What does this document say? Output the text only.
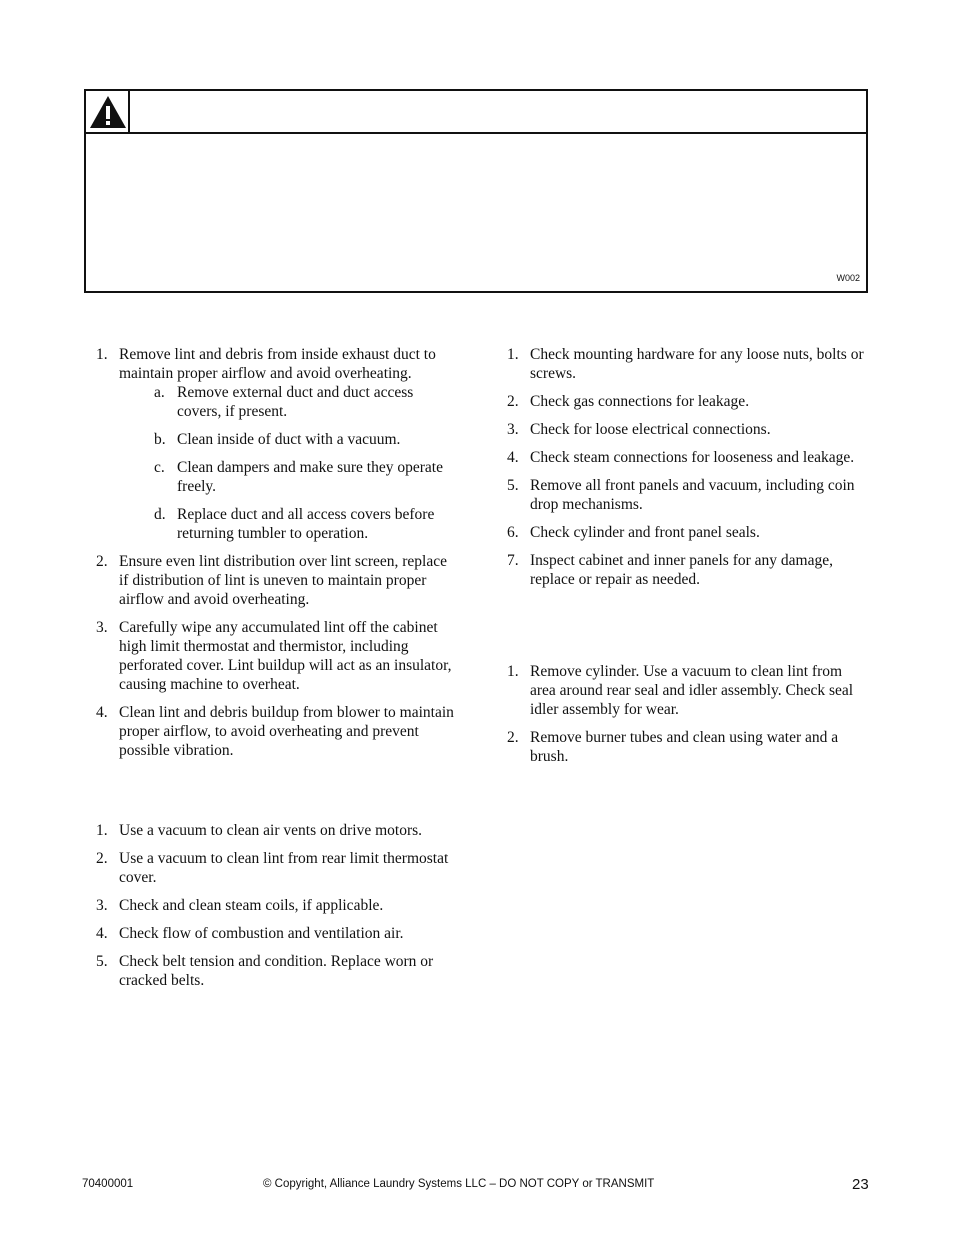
W002
1. Remove lint and debris from inside exhaust duct to maintain proper airflow and avoid overheating.
a. Remove external duct and duct access covers, if present.
b. Clean inside of duct with a vacuum.
c. Clean dampers and make sure they operate freely.
d. Replace duct and all access covers before returning tumbler to operation.
2. Ensure even lint distribution over lint screen, replace if distribution of lint is uneven to maintain proper airflow and avoid overheating.
3. Carefully wipe any accumulated lint off the cabinet high limit thermostat and thermistor, including perforated cover. Lint buildup will act as an insulator, causing machine to overheat.
4. Clean lint and debris buildup from blower to maintain proper airflow, to avoid overheating and prevent possible vibration.
1. Use a vacuum to clean air vents on drive motors.
2. Use a vacuum to clean lint from rear limit thermostat cover.
3. Check and clean steam coils, if applicable.
4. Check flow of combustion and ventilation air.
5. Check belt tension and condition. Replace worn or cracked belts.
1. Check mounting hardware for any loose nuts, bolts or screws.
2. Check gas connections for leakage.
3. Check for loose electrical connections.
4. Check steam connections for looseness and leakage.
5. Remove all front panels and vacuum, including coin drop mechanisms.
6. Check cylinder and front panel seals.
7. Inspect cabinet and inner panels for any damage, replace or repair as needed.
1. Remove cylinder. Use a vacuum to clean lint from area around rear seal and idler assembly. Check seal idler assembly for wear.
2. Remove burner tubes and clean using water and a brush.
70400001	© Copyright, Alliance Laundry Systems LLC – DO NOT COPY or TRANSMIT	23
